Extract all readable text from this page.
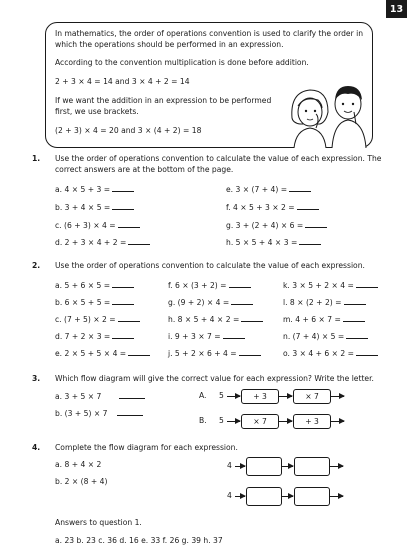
13
In mathematics, the order of operations convention is used to clarify the order in
which the operations should be performed in an expression.
According to the convention multiplication is done before addition.
2 + 3 × 4 = 14 and 3 × 4 + 2 = 14
If we want the addition in an expression to be performed
first, we use brackets.
(2 + 3) × 4 = 20 and 3 × (4 + 2) = 18
1. Use the order of operations convention to calculate the value of each expression. The
correct answers are at the bottom of the page.
a. 4 × 5 + 3 =
b. 3 + 4 × 5 =
c. (6 + 3) × 4 =
d. 2 + 3 × 4 + 2 =
e. 3 × (7 + 4) =
f. 4 × 5 + 3 × 2 =
g. 3 + (2 + 4) × 6 =
h. 5 × 5 + 4 × 3 =
2. Use the order of operations convention to calculate the value of each expression.
a. 5 + 6 × 5 =
b. 6 × 5 + 5 =
c. (7 + 5) × 2 =
d. 7 + 2 × 3 =
e. 2 × 5 + 5 × 4 =
f. 6 × (3 + 2) =
g. (9 + 2) × 4 =
h. 8 × 5 + 4 × 2 =
i. 9 + 3 × 7 =
j. 5 + 2 × 6 + 4 =
k. 3 × 5 + 2 × 4 =
l. 8 × (2 + 2) =
m. 4 + 6 × 7 =
n. (7 + 4) × 5 =
o. 3 × 4 + 6 × 2 =
3. Which flow diagram will give the correct value for each expression? Write the letter.
a. 3 + 5 × 7
b. (3 + 5) × 7
A. 5	+ 3	× 7
B. 5	× 7	+ 3
4. Complete the flow diagram for each expression.
a. 8 + 4 × 2
b. 2 × (8 + 4)
4
4
Answers to question 1.
a. 23 b. 23 c. 36 d. 16 e. 33 f. 26 g. 39 h. 37
